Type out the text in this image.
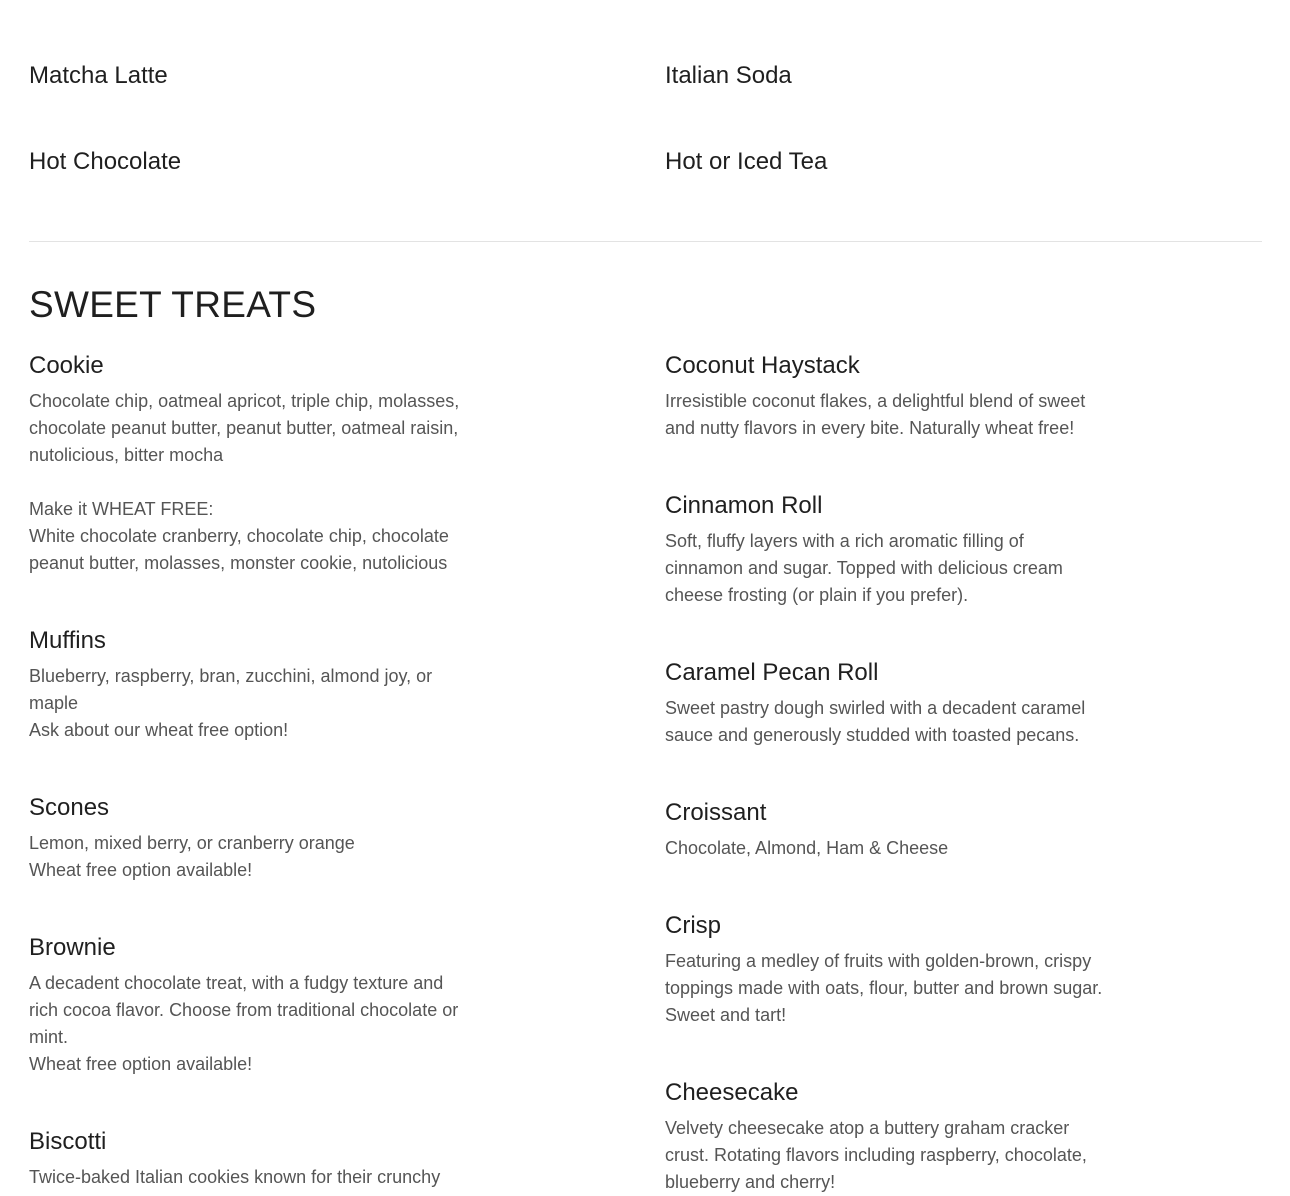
Matcha Latte	Italian Soda
Hot Chocolate	Hot or Iced Tea
SWEET TREATS
Cookie

Chocolate chip, oatmeal apricot, triple chip, molasses, chocolate peanut butter, peanut butter, oatmeal raisin, nutolicious, bitter mocha
Make it WHEAT FREE:
White chocolate cranberry, chocolate chip, chocolate peanut butter, molasses, monster cookie, nutolicious

Muffins

Blueberry, raspberry, bran, zucchini, almond joy, or maple
Ask about our wheat free option!

Scones

Lemon, mixed berry, or cranberry orange
Wheat free option available!

Brownie

A decadent chocolate treat, with a fudgy texture and rich cocoa flavor. Choose from traditional chocolate or mint.
Wheat free option available!

Biscotti

Twice-baked Italian cookies known for their crunchy

Coconut Haystack

Irresistible coconut flakes, a delightful blend of sweet and nutty flavors in every bite. Naturally wheat free!

Cinnamon Roll

Soft, fluffy layers with a rich aromatic filling of cinnamon and sugar. Topped with delicious cream cheese frosting (or plain if you prefer).

Caramel Pecan Roll

Sweet pastry dough swirled with a decadent caramel sauce and generously studded with toasted pecans.

Croissant

Chocolate, Almond, Ham & Cheese

Crisp

Featuring a medley of fruits with golden-brown, crispy toppings made with oats, flour, butter and brown sugar. Sweet and tart!

Cheesecake

Velvety cheesecake atop a buttery graham cracker crust. Rotating flavors including raspberry, chocolate, blueberry and cherry!
